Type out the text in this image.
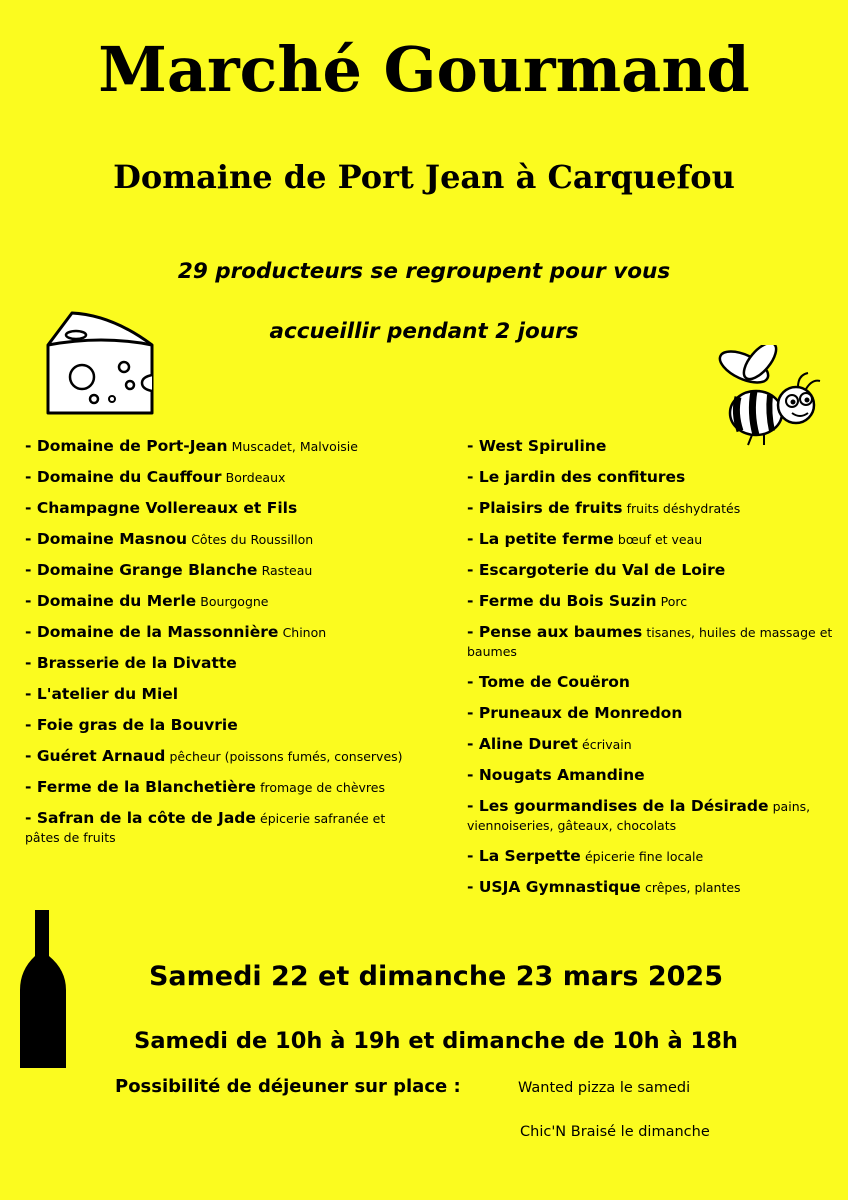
Marché Gourmand
Domaine de Port Jean à Carquefou
29 producteurs se regroupent pour vous
accueillir pendant 2 jours
- Domaine de Port-Jean Muscadet, Malvoisie
- Domaine du Cauffour Bordeaux
- Champagne Vollereaux et Fils
- Domaine Masnou Côtes du Roussillon
- Domaine Grange Blanche Rasteau
- Domaine du Merle Bourgogne
- Domaine de la Massonnière Chinon
- Brasserie de la Divatte
- L'atelier du Miel
- Foie gras de la Bouvrie
- Guéret Arnaud pêcheur (poissons fumés, conserves)
- Ferme de la Blanchetière fromage de chèvres
- Safran de la côte de Jade épicerie safranée et pâtes de fruits
- West Spiruline
- Le jardin des confitures
- Plaisirs de fruits fruits déshydratés
- La petite ferme bœuf et veau
- Escargoterie du Val de Loire
- Ferme du Bois Suzin Porc
- Pense aux baumes tisanes, huiles de massage et baumes
- Tome de Couëron
- Pruneaux de Monredon
- Aline Duret écrivain
- Nougats Amandine
- Les gourmandises de la Désirade pains, viennoiseries, gâteaux, chocolats
- La Serpette épicerie fine locale
- USJA Gymnastique crêpes, plantes
Samedi 22 et dimanche 23 mars 2025
Samedi de 10h à 19h et dimanche de 10h à 18h
Possibilité de déjeuner sur place :	Wanted pizza le samedi
Chic'N Braisé le dimanche
